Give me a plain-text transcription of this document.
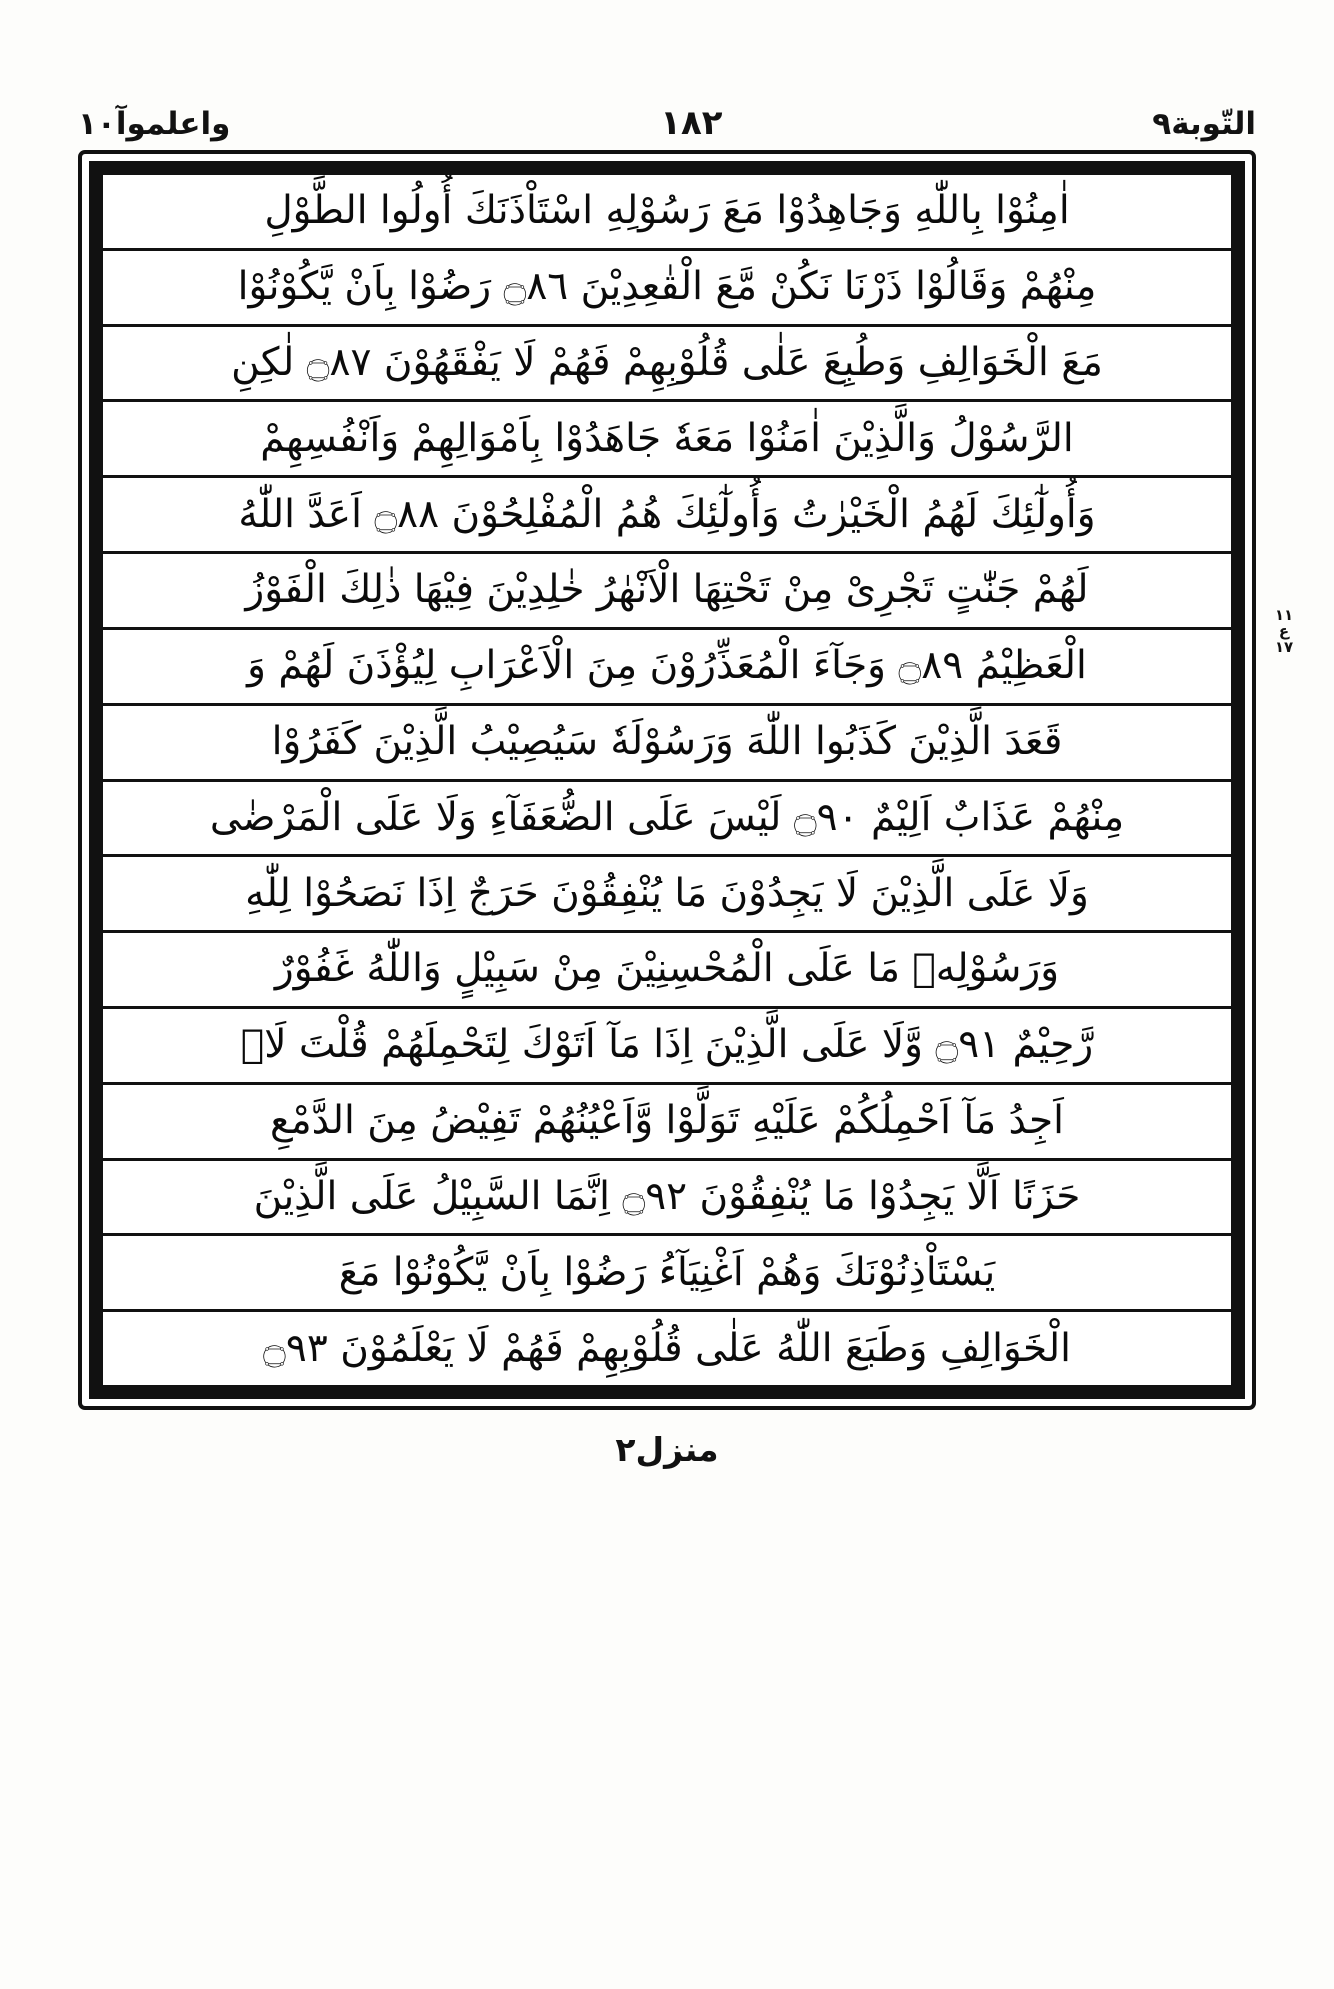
التّوبة٩
١٨٢
واعلموآ١٠
اٰمِنُوْا بِاللّٰهِ وَجَاهِدُوْا مَعَ رَسُوْلِهِ اسْتَاْذَنَكَ أُولُوا الطَّوْلِ
مِنْهُمْ وَقَالُوْا ذَرْنَا نَكُنْ مَّعَ الْقٰعِدِيْنَ ۝٨٦ رَضُوْا بِاَنْ يَّكُوْنُوْا
مَعَ الْخَوَالِفِ وَطُبِعَ عَلٰى قُلُوْبِهِمْ فَهُمْ لَا يَفْقَهُوْنَ ۝٨٧ لٰكِنِ
الرَّسُوْلُ وَالَّذِيْنَ اٰمَنُوْا مَعَهٗ جَاهَدُوْا بِاَمْوَالِهِمْ وَاَنْفُسِهِمْ
وَأُولٰٓئِكَ لَهُمُ الْخَيْرٰتُ وَأُولٰٓئِكَ هُمُ الْمُفْلِحُوْنَ ۝٨٨ اَعَدَّ اللّٰهُ
لَهُمْ جَنّٰتٍ تَجْرِىْ مِنْ تَحْتِهَا الْاَنْهٰرُ خٰلِدِيْنَ فِيْهَا ذٰلِكَ الْفَوْزُ
الْعَظِيْمُ ۝٨٩ وَجَآءَ الْمُعَذِّرُوْنَ مِنَ الْاَعْرَابِ لِيُؤْذَنَ لَهُمْ وَ
قَعَدَ الَّذِيْنَ كَذَبُوا اللّٰهَ وَرَسُوْلَهٗ سَيُصِيْبُ الَّذِيْنَ كَفَرُوْا
مِنْهُمْ عَذَابٌ اَلِيْمٌ ۝٩٠ لَيْسَ عَلَى الضُّعَفَآءِ وَلَا عَلَى الْمَرْضٰى
وَلَا عَلَى الَّذِيْنَ لَا يَجِدُوْنَ مَا يُنْفِقُوْنَ حَرَجٌ اِذَا نَصَحُوْا لِلّٰهِ
وَرَسُوْلِهٖ مَا عَلَى الْمُحْسِنِيْنَ مِنْ سَبِيْلٍ وَاللّٰهُ غَفُوْرٌ
رَّحِيْمٌ ۝٩١ وَّلَا عَلَى الَّذِيْنَ اِذَا مَآ اَتَوْكَ لِتَحْمِلَهُمْ قُلْتَ لَاۤ
اَجِدُ مَآ اَحْمِلُكُمْ عَلَيْهِ تَوَلَّوْا وَّاَعْيُنُهُمْ تَفِيْضُ مِنَ الدَّمْعِ
حَزَنًا اَلَّا يَجِدُوْا مَا يُنْفِقُوْنَ ۝٩٢ اِنَّمَا السَّبِيْلُ عَلَى الَّذِيْنَ
يَسْتَاْذِنُوْنَكَ وَهُمْ اَغْنِيَآءُ رَضُوْا بِاَنْ يَّكُوْنُوْا مَعَ
الْخَوَالِفِ وَطَبَعَ اللّٰهُ عَلٰى قُلُوْبِهِمْ فَهُمْ لَا يَعْلَمُوْنَ ۝٩٣
١١
ع
١٧
منزل٢
